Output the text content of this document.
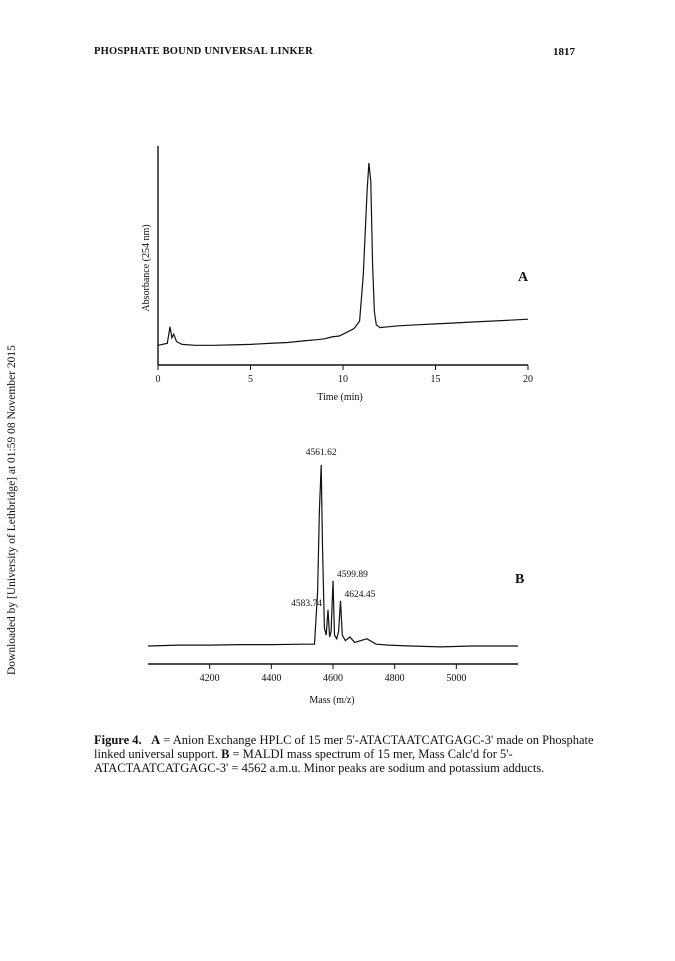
PHOSPHATE BOUND UNIVERSAL LINKER	1817
Downloaded by [University of Lethbridge] at 01:59 08 November 2015	0	5	10	15	20
Absorbance (254 nm)
Time (min)
A
4200	4400	4600	4800	5000
4561.62
4583.74
4599.89
4624.45
Mass (m/z)
B
Figure 4. A = Anion Exchange HPLC of 15 mer 5'-ATACTAATCATGAGC-3' made on Phosphate linked universal support. B = MALDI mass spectrum of 15 mer, Mass Calc'd for 5'-ATACTAATCATGAGC-3' = 4562 a.m.u. Minor peaks are sodium and potassium adducts.
